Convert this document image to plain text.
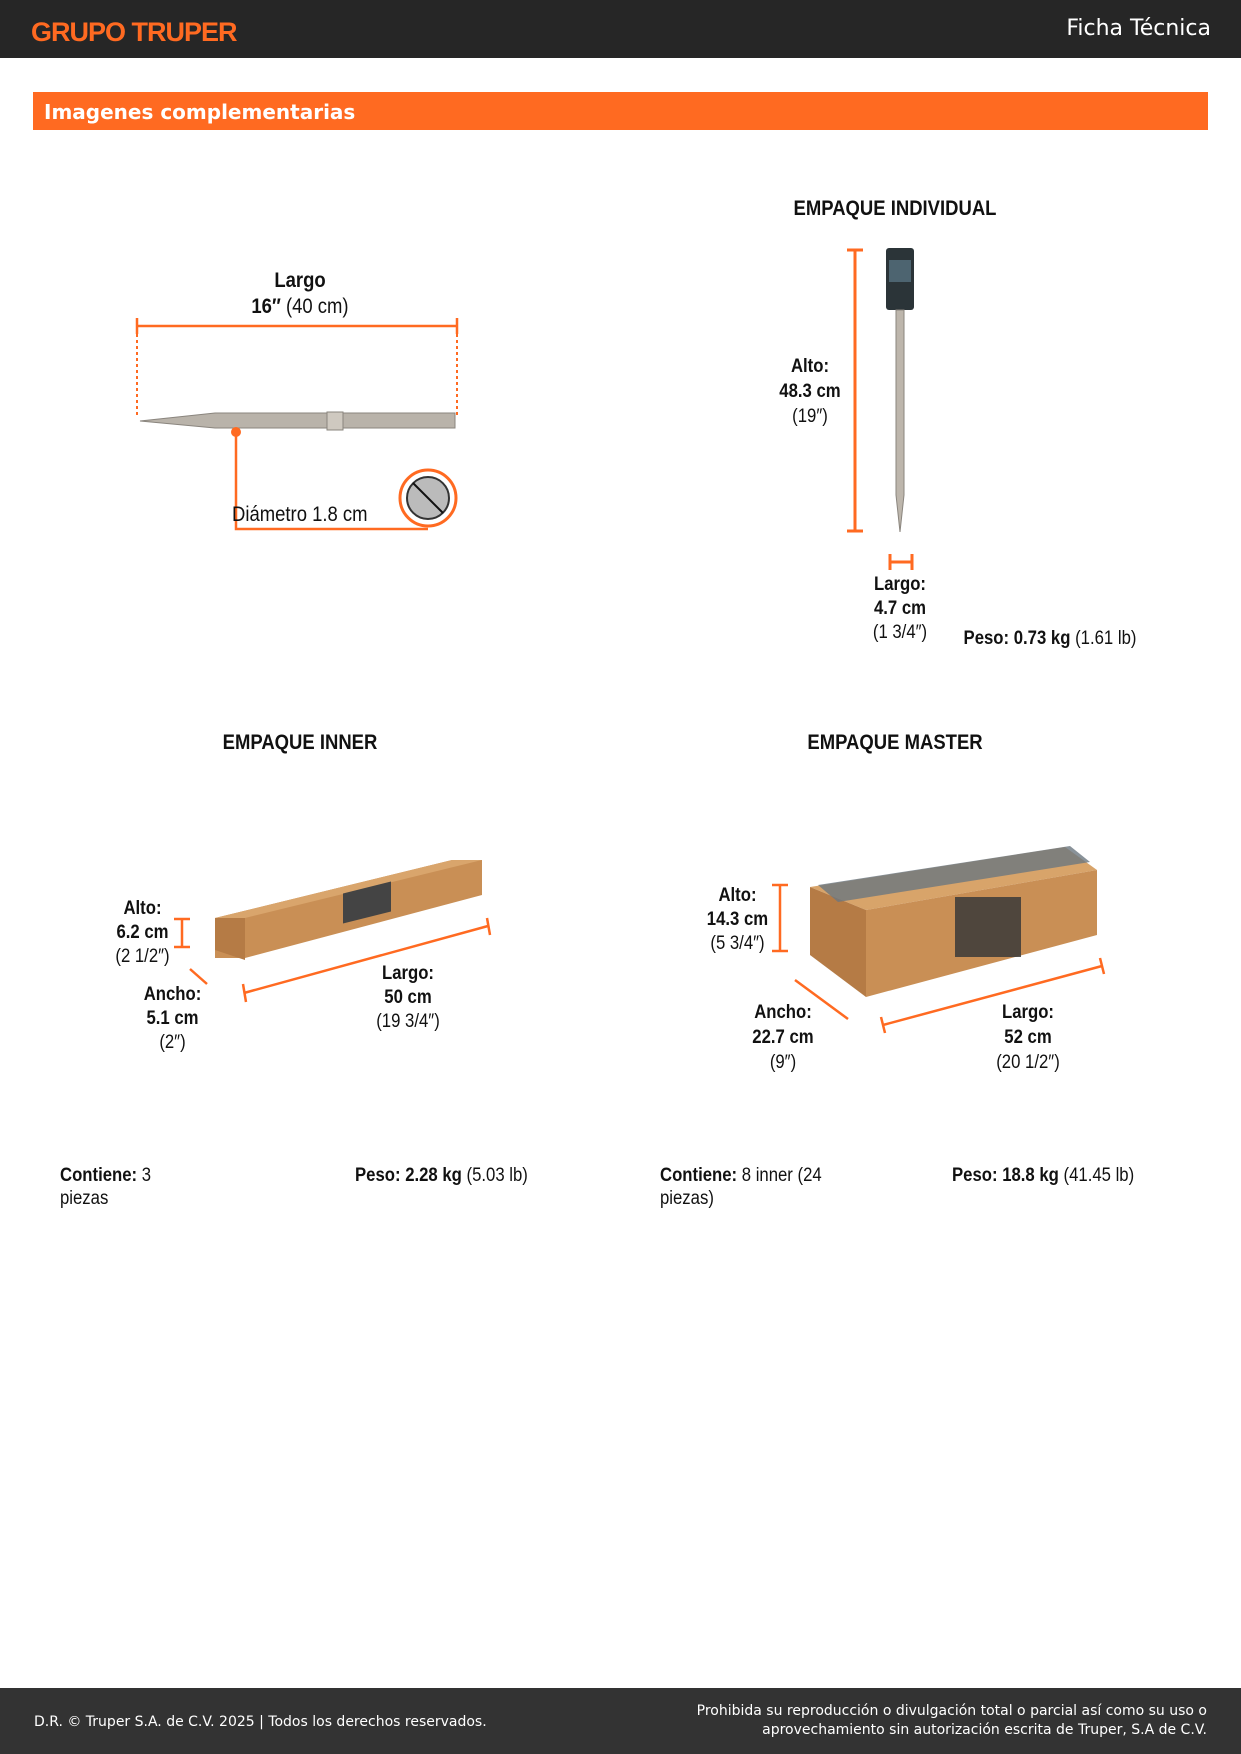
GRUPO TRUPER	Ficha Técnica
Imagenes complementarias
Largo
16″ (40 cm)
Diámetro 1.8 cm
EMPAQUE INDIVIDUAL
Alto:
48.3 cm
(19″)
Largo:
4.7 cm
(1 3/4″)	Peso: 0.73 kg (1.61 lb)
EMPAQUE INNER
Alto:
6.2 cm
(2 1/2″)
Ancho:
5.1 cm
(2″)
Largo:
50 cm
(19 3/4″)
Contiene: 3 piezas
Peso: 2.28 kg (5.03 lb)
EMPAQUE MASTER
Alto:
14.3 cm
(5 3/4″)
Ancho:
22.7 cm
(9″)
Largo:
52 cm
(20 1/2″)
Contiene: 8 inner (24 piezas)
Peso: 18.8 kg (41.45 lb)
D.R. © Truper S.A. de C.V. 2025 | Todos los derechos reservados.
Prohibida su reproducción o divulgación total o parcial así como su uso o
aprovechamiento sin autorización escrita de Truper, S.A de C.V.
